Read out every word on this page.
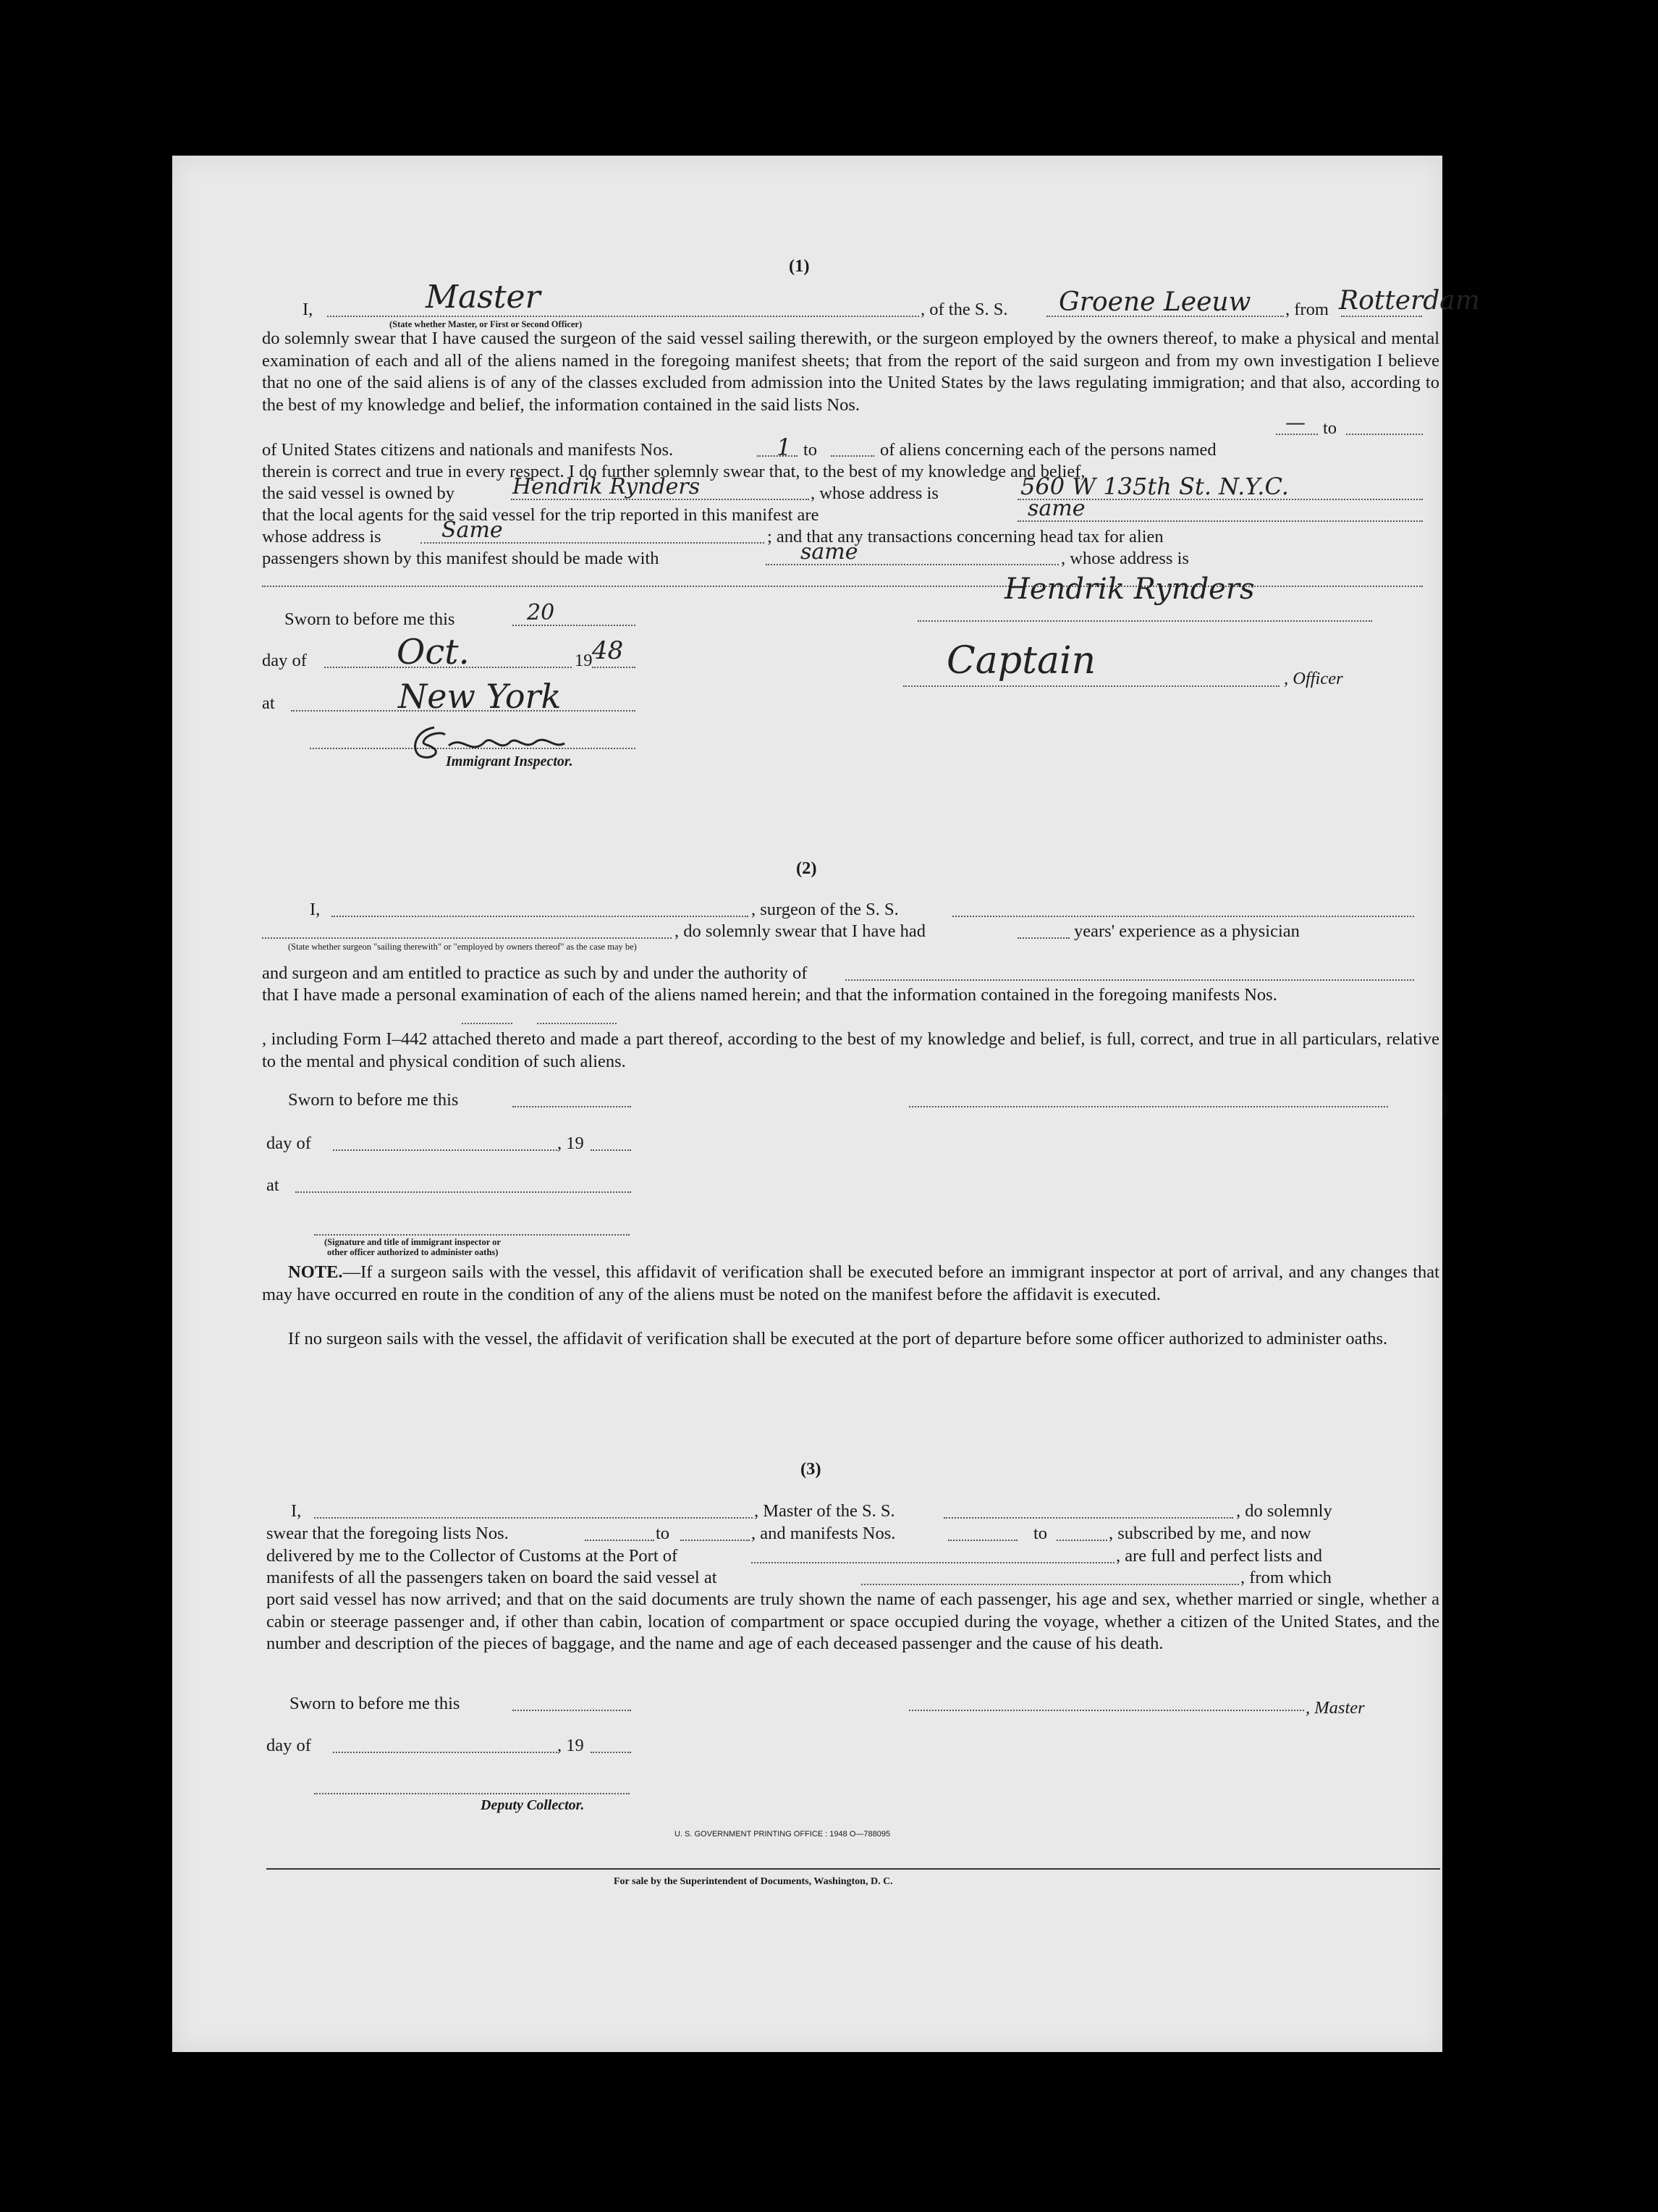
(1)
I,	Master
(State whether Master, or First or Second Officer)
, of the S. S. Groene Leeuw , from Rotterdam
do solemnly swear that I have caused the surgeon of the said vessel sailing therewith, or the surgeon employed by the owners thereof, to make a physical and mental examination of each and all of the aliens named in the foregoing manifest sheets; that from the report of the said surgeon and from my own investigation I believe that no one of the said aliens is of any of the classes excluded from admission into the United States by the laws regulating immigration; and that also, according to the best of my knowledge and belief, the information contained in the said lists Nos.
— to
of United States citizens and nationals and manifests Nos.	1 to	of aliens concerning each of the persons named
therein is correct and true in every respect. I do further solemnly swear that, to the best of my knowledge and belief,
the said vessel is owned by	Hendrik Rynders	, whose address is	560 W 135th St. N.Y.C.
that the local agents for the said vessel for the trip reported in this manifest are	same
whose address is	Same	; and that any transactions concerning head tax for alien
passengers shown by this manifest should be made with	same	, whose address is
Sworn to before me this	20
day of	Oct.	19 48
at	New York
Immigrant Inspector.
Hendrik Rynders
Captain	, Officer
(2)
I,	, surgeon of the S. S.
(State whether surgeon "sailing therewith" or "employed by owners thereof" as the case may be)
, do solemnly swear that I have had	years' experience as a physician
and surgeon and am entitled to practice as such by and under the authority of
that I have made a personal examination of each of the aliens named herein; and that the information contained in the foregoing manifests Nos.
, including Form I–442 attached thereto and made a part thereof, according to the best of my knowledge and belief, is full, correct, and true in all particulars, relative to the mental and physical condition of such aliens.
Sworn to before me this
day of	, 19
at
(Signature and title of immigrant inspector or
other officer authorized to administer oaths)
NOTE.—If a surgeon sails with the vessel, this affidavit of verification shall be executed before an immigrant inspector at port of arrival, and any changes that may have occurred en route in the condition of any of the aliens must be noted on the manifest before the affidavit is executed.
If no surgeon sails with the vessel, the affidavit of verification shall be executed at the port of departure before some officer authorized to administer oaths.
(3)
I,	, Master of the S. S.	, do solemnly
swear that the foregoing lists Nos.	to	, and manifests Nos.	to	, subscribed by me, and now
delivered by me to the Collector of Customs at the Port of	, are full and perfect lists and
manifests of all the passengers taken on board the said vessel at	, from which
port said vessel has now arrived; and that on the said documents are truly shown the name of each passenger, his age and sex, whether married or single, whether a cabin or steerage passenger and, if other than cabin, location of compartment or space occupied during the voyage, whether a citizen of the United States, and the number and description of the pieces of baggage, and the name and age of each deceased passenger and the cause of his death.
Sworn to before me this	, Master
day of	, 19
Deputy Collector.
U. S. GOVERNMENT PRINTING OFFICE : 1948 O—788095
For sale by the Superintendent of Documents, Washington, D. C.
